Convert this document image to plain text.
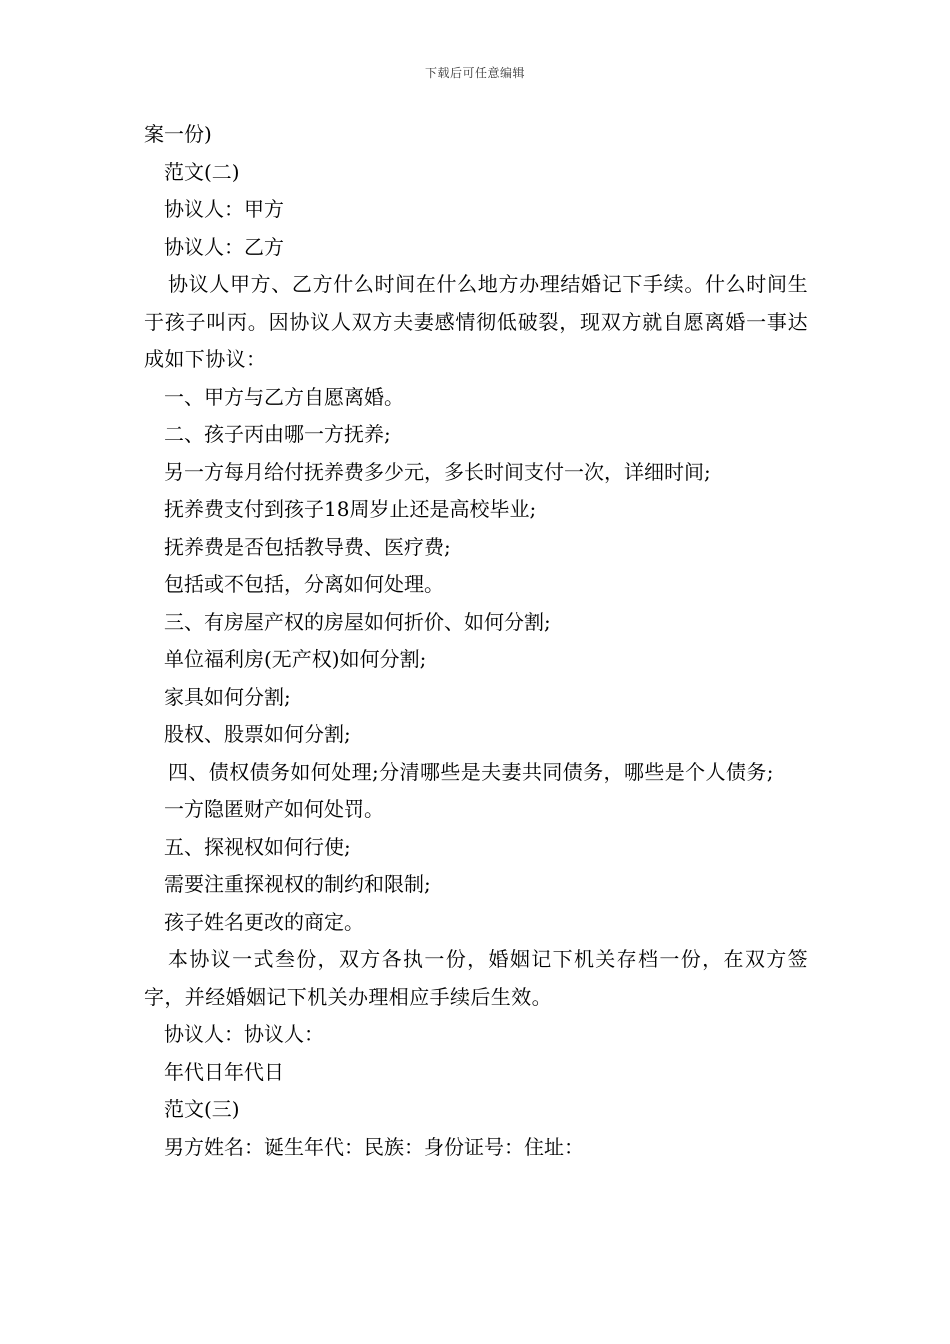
下载后可任意编辑
案一份)
范文(二)
协议人：甲方
协议人：乙方
协议人甲方、乙方什么时间在什么地方办理结婚记下手续。什么时间生于孩子叫丙。因协议人双方夫妻感情彻低破裂，现双方就自愿离婚一事达成如下协议：
一、甲方与乙方自愿离婚。
二、孩子丙由哪一方抚养;
另一方每月给付抚养费多少元，多长时间支付一次，详细时间;
抚养费支付到孩子18周岁止还是高校毕业;
抚养费是否包括教导费、医疗费;
包括或不包括，分离如何处理。
三、有房屋产权的房屋如何折价、如何分割;
单位福利房(无产权)如何分割;
家具如何分割;
股权、股票如何分割;
四、债权债务如何处理;分清哪些是夫妻共同债务，哪些是个人债务;
一方隐匿财产如何处罚。
五、探视权如何行使;
需要注重探视权的制约和限制;
孩子姓名更改的商定。
本协议一式叁份，双方各执一份，婚姻记下机关存档一份，在双方签字，并经婚姻记下机关办理相应手续后生效。
协议人：协议人：
年代日年代日
范文(三)
男方姓名：诞生年代：民族：身份证号：住址：
